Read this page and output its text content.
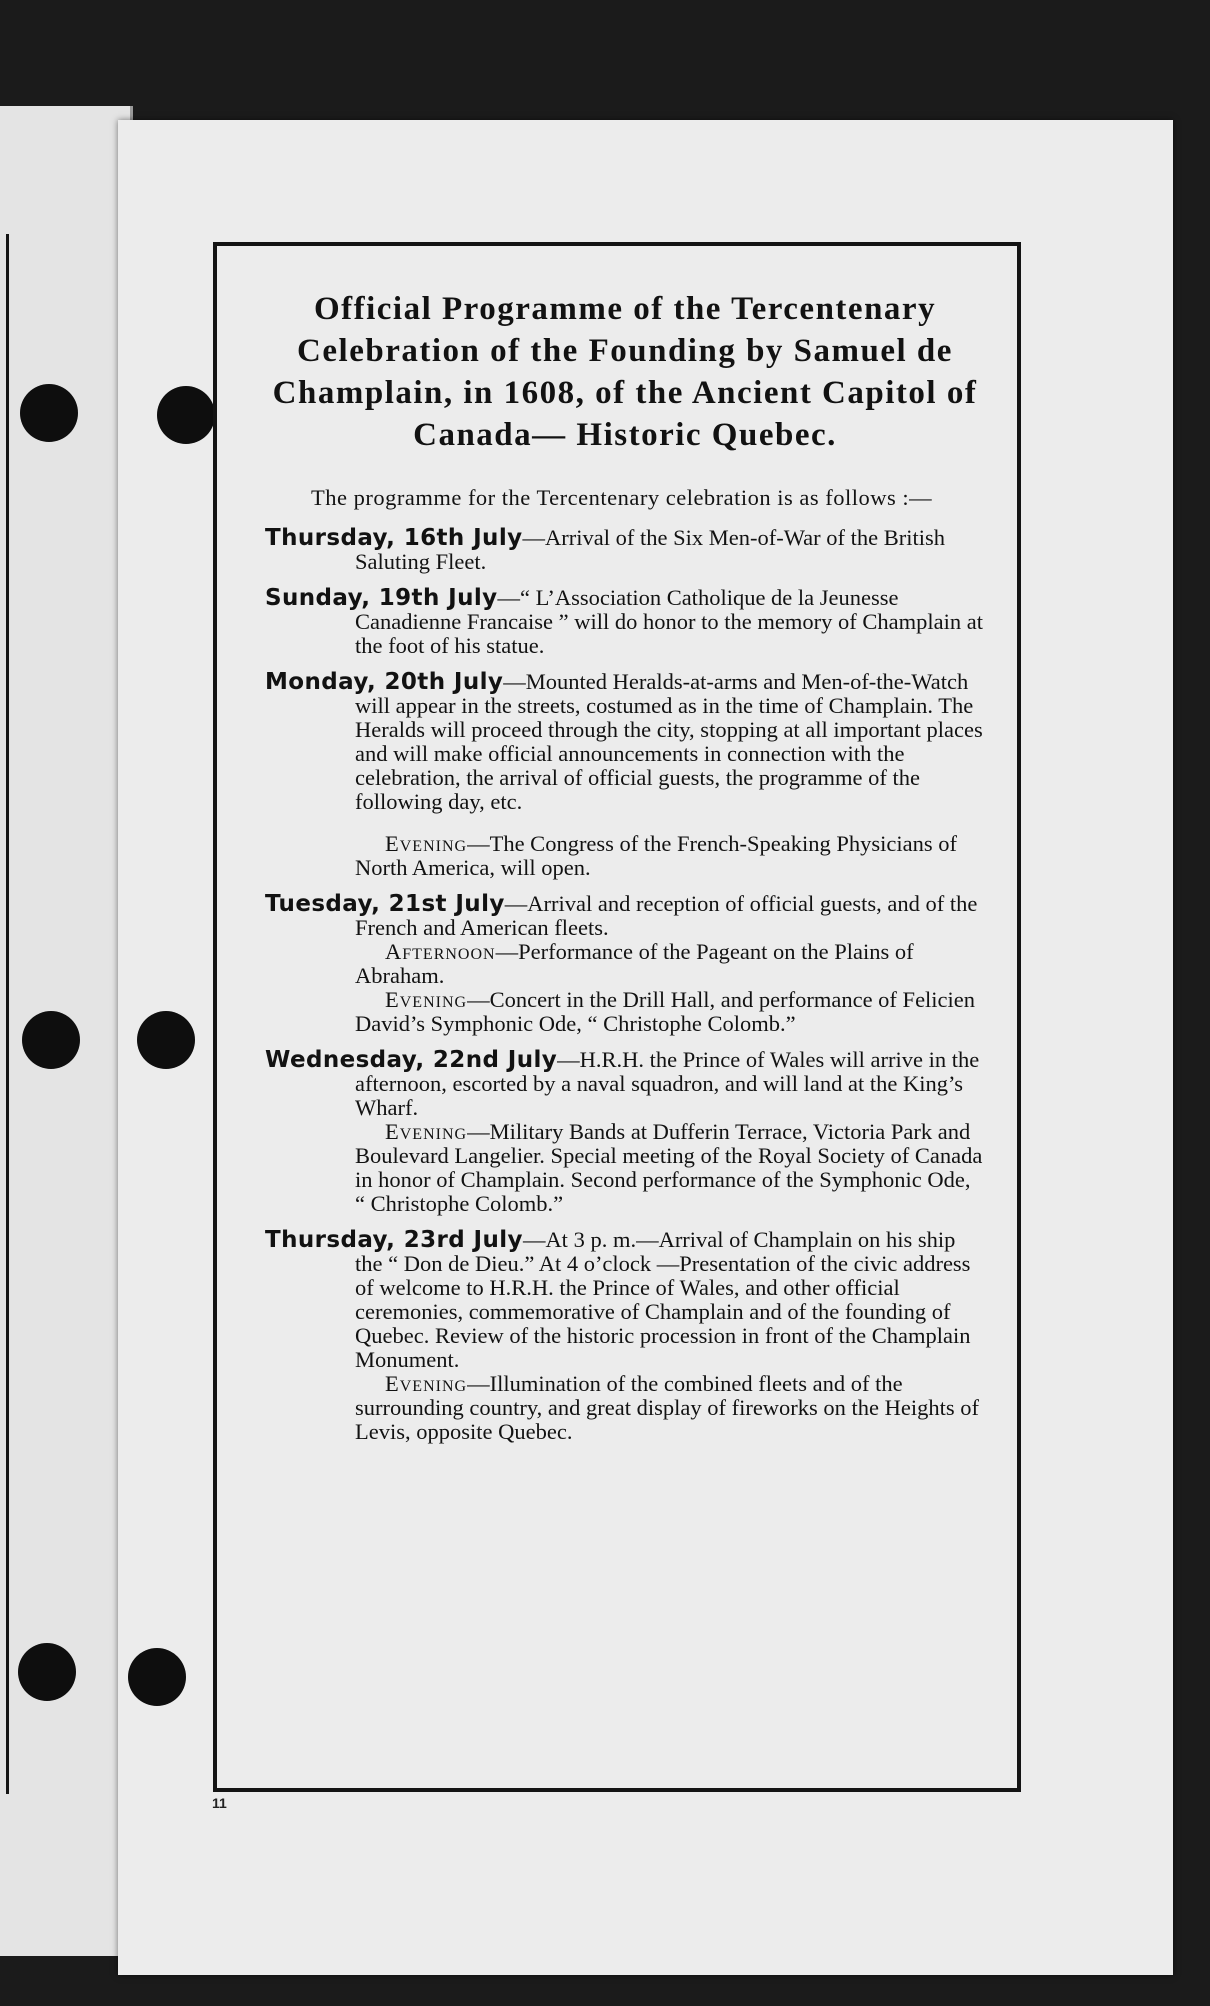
Official Programme of the Tercentenary Celebration of the Founding by Samuel de Champlain, in 1608, of the Ancient Capitol of Canada— Historic Quebec.

The programme for the Tercentenary celebration is as follows :—

Thursday, 16th July—Arrival of the Six Men-of-War of the British Saluting Fleet.

Sunday, 19th July—“ L’Association Catholique de la Jeunesse Canadienne Francaise ” will do honor to the memory of Champlain at the foot of his statue.

Monday, 20th July—Mounted Heralds-at-arms and Men-of-the-Watch will appear in the streets, costumed as in the time of Champlain. The Heralds will proceed through the city, stopping at all important places and will make official announcements in connection with the celebration, the arrival of official guests, the programme of the following day, etc.

Evening—The Congress of the French-Speaking Physicians of North America, will open.

Tuesday, 21st July—Arrival and reception of official guests, and of the French and American fleets.

Afternoon—Performance of the Pageant on the Plains of Abraham.

Evening—Concert in the Drill Hall, and performance of Felicien David’s Symphonic Ode, “ Christophe Colomb.”

Wednesday, 22nd July—H.R.H. the Prince of Wales will arrive in the afternoon, escorted by a naval squadron, and will land at the King’s Wharf.

Evening—Military Bands at Dufferin Terrace, Victoria Park and Boulevard Langelier. Special meeting of the Royal Society of Canada in honor of Champlain. Second performance of the Symphonic Ode, “ Christophe Colomb.”

Thursday, 23rd July—At 3 p. m.—Arrival of Champlain on his ship the “ Don de Dieu.” At 4 o’clock —Presentation of the civic address of welcome to H.R.H. the Prince of Wales, and other official ceremonies, commemorative of Champlain and of the founding of Quebec. Review of the historic procession in front of the Champlain Monument.

Evening—Illumination of the combined fleets and of the surrounding country, and great display of fireworks on the Heights of Levis, opposite Quebec.

11
